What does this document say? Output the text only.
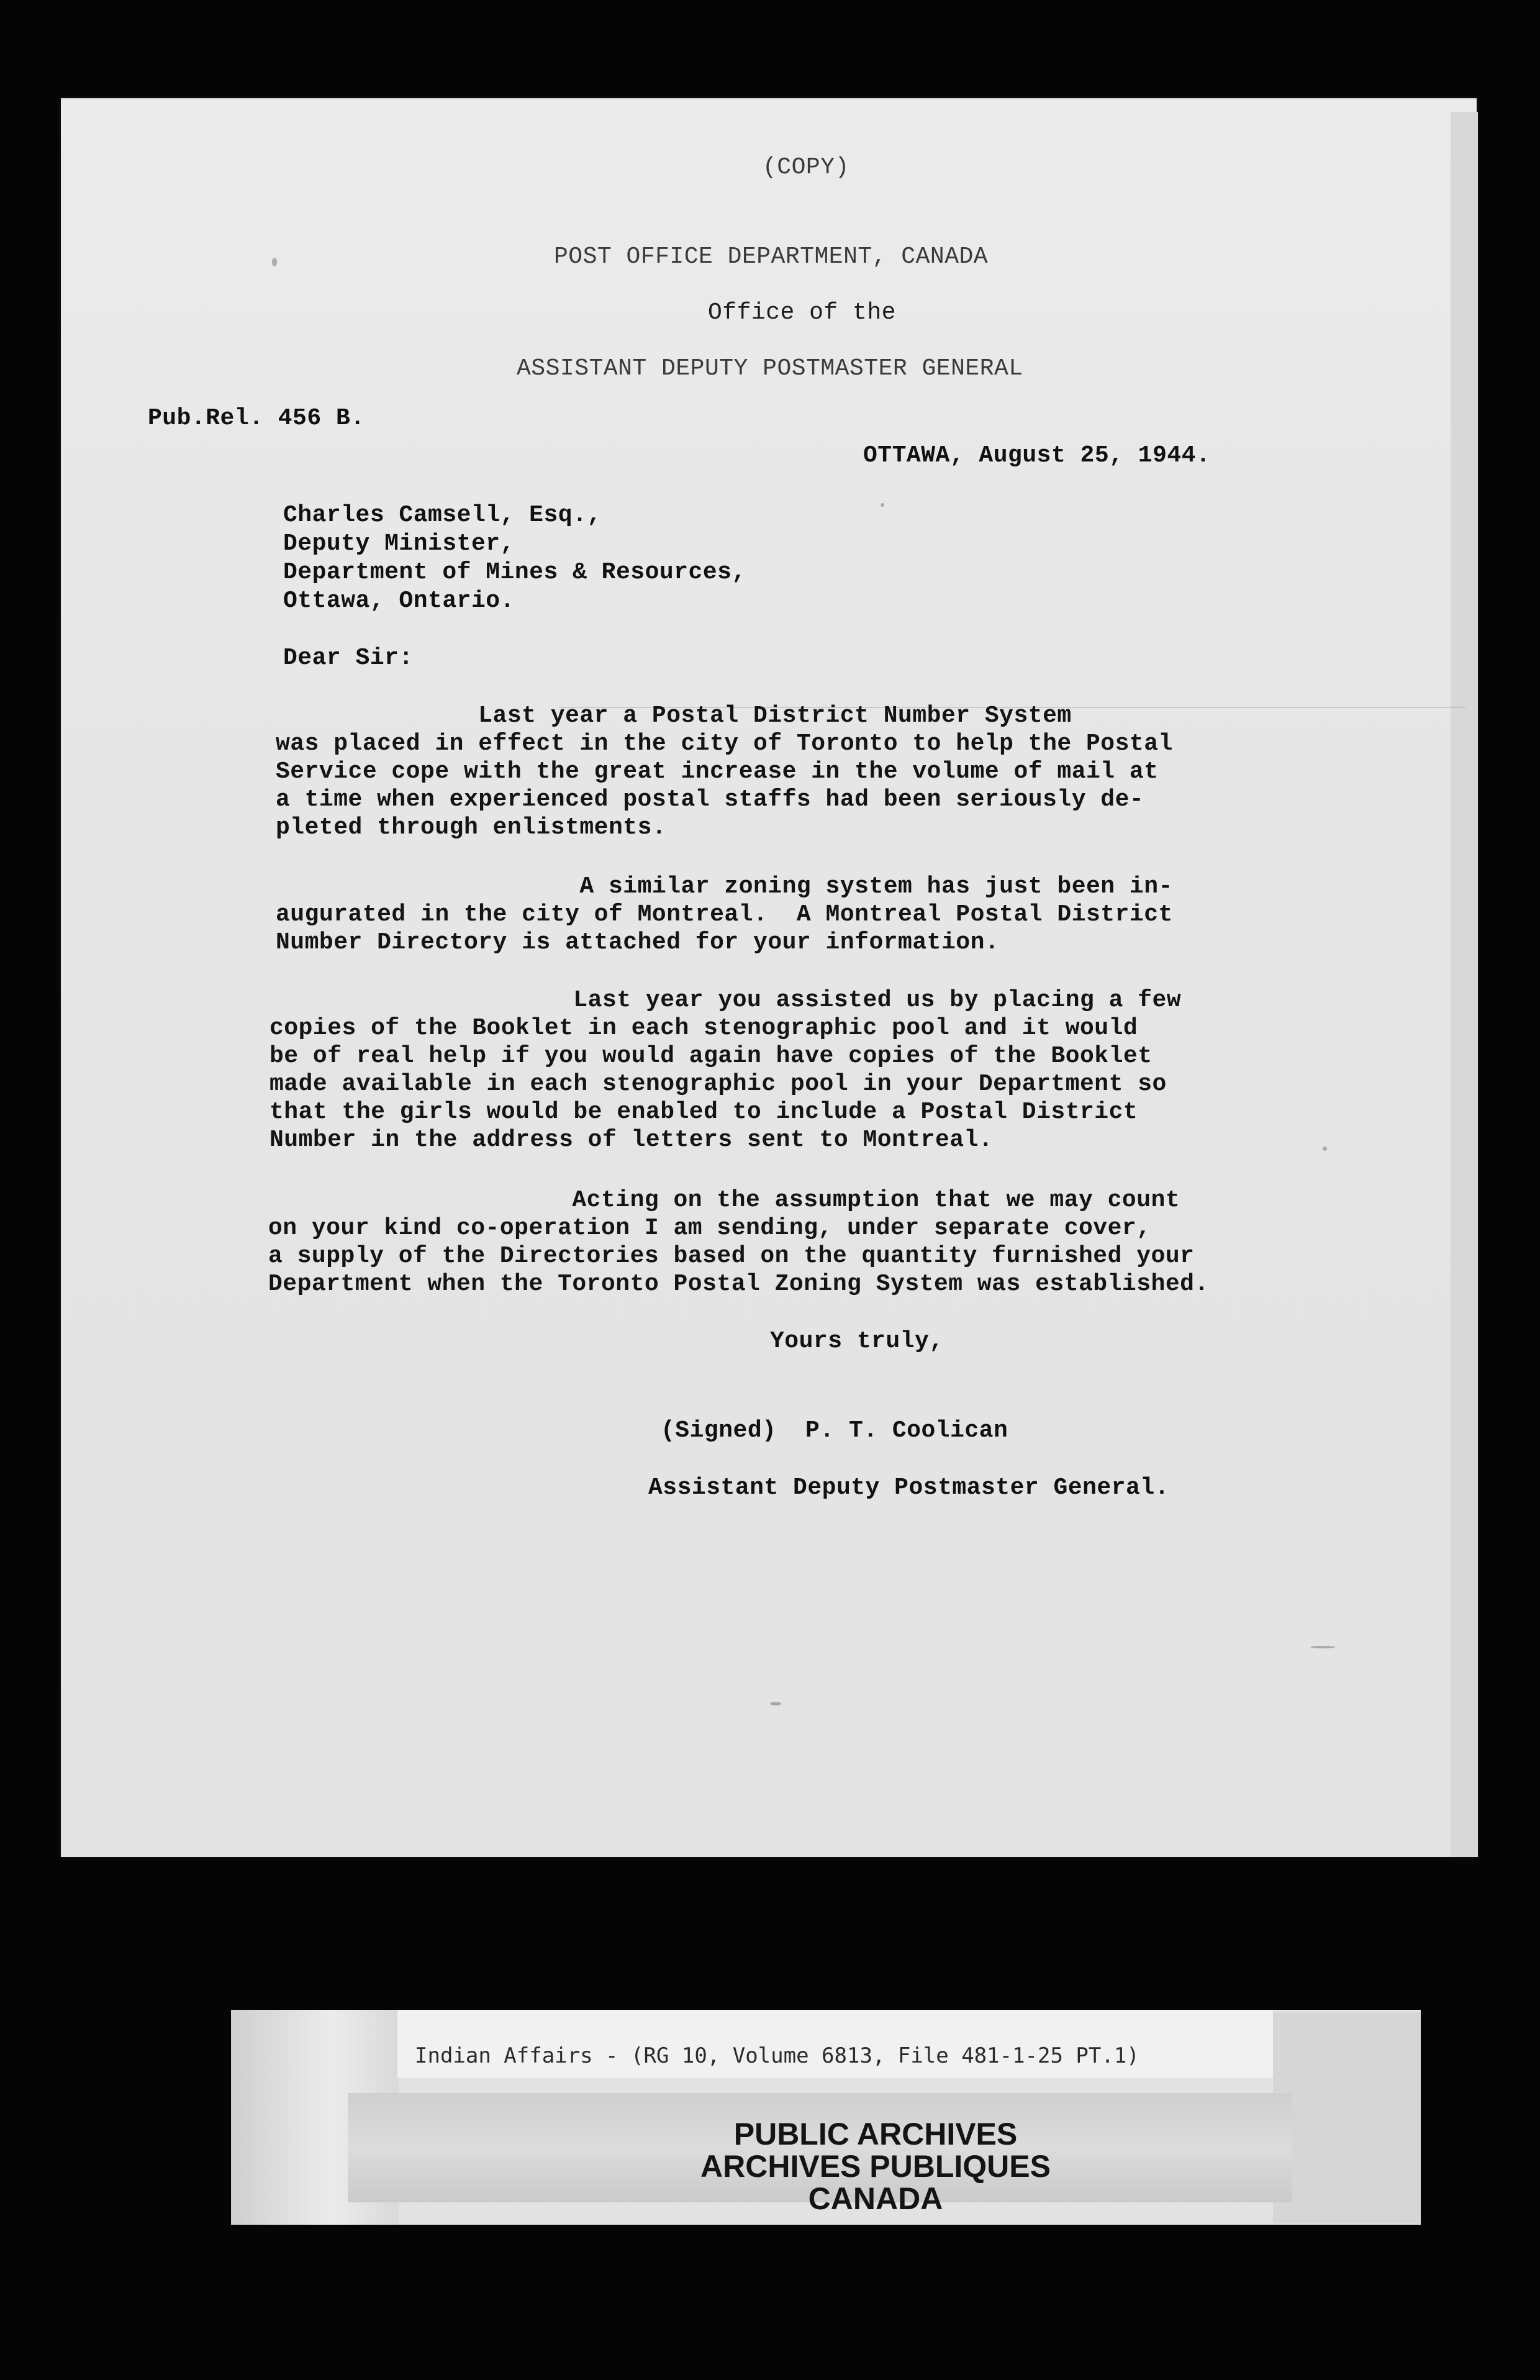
(COPY)
POST OFFICE DEPARTMENT, CANADA
Office of the
ASSISTANT DEPUTY POSTMASTER GENERAL
Pub.Rel. 456 B.
OTTAWA, August 25, 1944.
Charles Camsell, Esq.,
Deputy Minister,
Department of Mines & Resources,
Ottawa, Ontario.
Dear Sir:
Last year a Postal District Number System
was placed in effect in the city of Toronto to help the Postal
Service cope with the great increase in the volume of mail at
a time when experienced postal staffs had been seriously de-
pleted through enlistments.
A similar zoning system has just been in-
augurated in the city of Montreal.  A Montreal Postal District
Number Directory is attached for your information.
Last year you assisted us by placing a few
copies of the Booklet in each stenographic pool and it would
be of real help if you would again have copies of the Booklet
made available in each stenographic pool in your Department so
that the girls would be enabled to include a Postal District
Number in the address of letters sent to Montreal.
Acting on the assumption that we may count
on your kind co-operation I am sending, under separate cover,
a supply of the Directories based on the quantity furnished your
Department when the Toronto Postal Zoning System was established.
Yours truly,
(Signed)  P. T. Coolican
Assistant Deputy Postmaster General.
Indian Affairs - (RG 10, Volume 6813, File 481-1-25 PT.1)
PUBLIC ARCHIVES
ARCHIVES PUBLIQUES
CANADA
